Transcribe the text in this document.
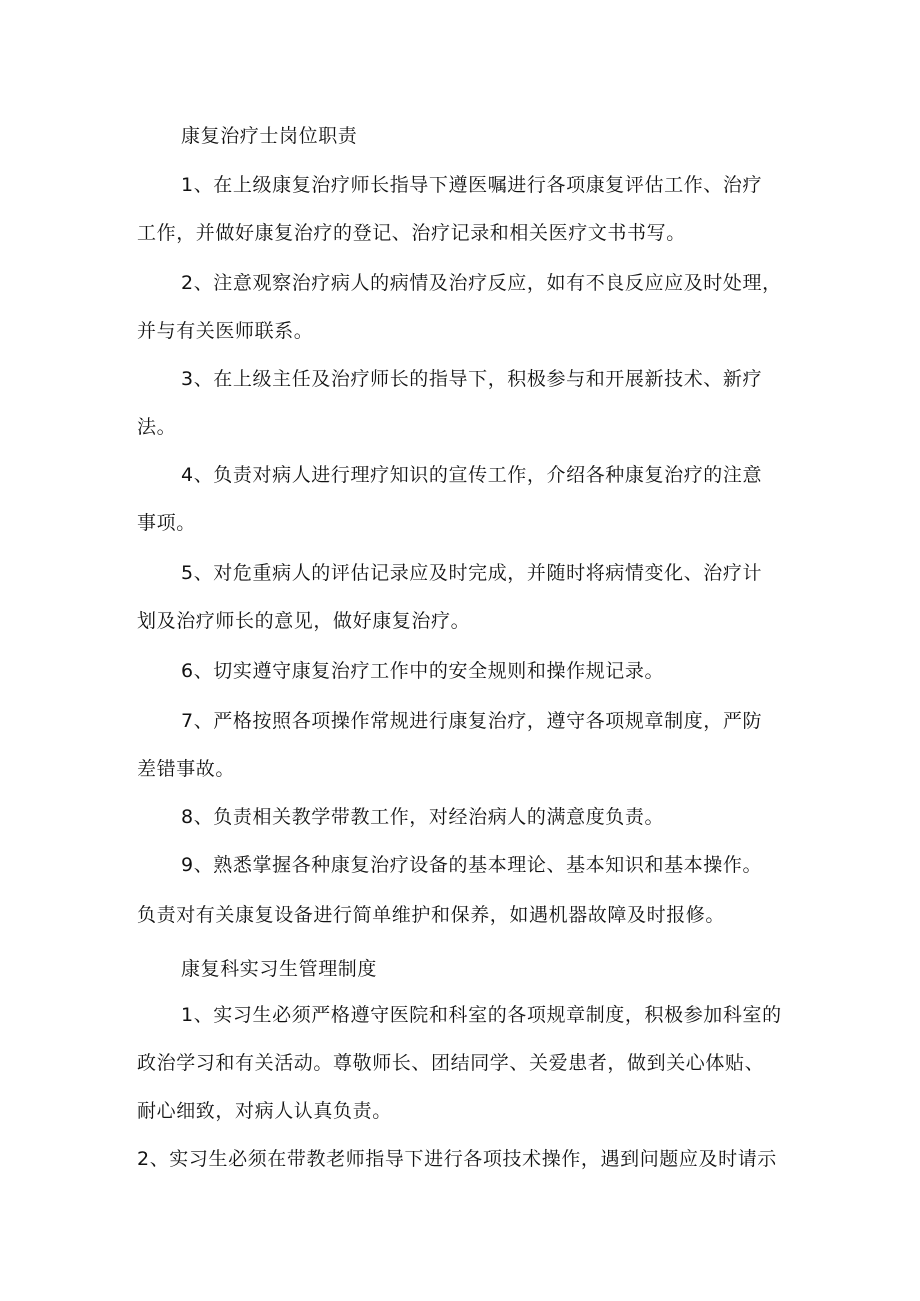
康复治疗士岗位职责
1、在上级康复治疗师长指导下遵医嘱进行各项康复评估工作、治疗
工作，并做好康复治疗的登记、治疗记录和相关医疗文书书写。
2、注意观察治疗病人的病情及治疗反应，如有不良反应应及时处理，
并与有关医师联系。
3、在上级主任及治疗师长的指导下，积极参与和开展新技术、新疗
法。
4、负责对病人进行理疗知识的宣传工作，介绍各种康复治疗的注意
事项。
5、对危重病人的评估记录应及时完成，并随时将病情变化、治疗计
划及治疗师长的意见，做好康复治疗。
6、切实遵守康复治疗工作中的安全规则和操作规记录。
7、严格按照各项操作常规进行康复治疗，遵守各项规章制度，严防
差错事故。
8、负责相关教学带教工作，对经治病人的满意度负责。
9、熟悉掌握各种康复治疗设备的基本理论、基本知识和基本操作。
负责对有关康复设备进行简单维护和保养，如遇机器故障及时报修。
康复科实习生管理制度
1、实习生必须严格遵守医院和科室的各项规章制度，积极参加科室的
政治学习和有关活动。尊敬师长、团结同学、关爱患者，做到关心体贴、
耐心细致，对病人认真负责。
2、实习生必须在带教老师指导下进行各项技术操作，遇到问题应及时请示
